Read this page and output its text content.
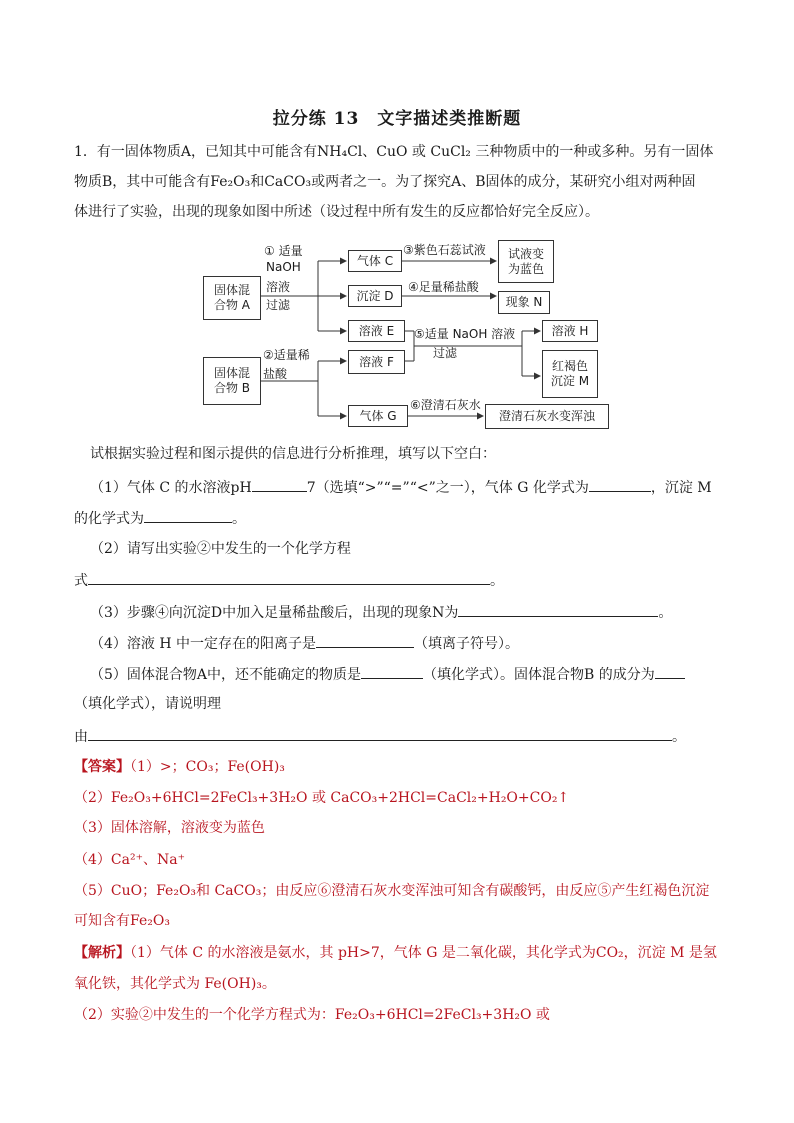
拉分练 13　文字描述类推断题
1．有一固体物质A，已知其中可能含有NH₄Cl、CuO 或 CuCl₂ 三种物质中的一种或多种。另有一固体
物质B，其中可能含有Fe₂O₃和CaCO₃或两者之一。为了探究A、B固体的成分，某研究小组对两种固
体进行了实验，出现的现象如图中所述（设过程中所有发生的反应都恰好完全反应）。
固体混
合物 A
固体混
合物 B
① 适量
NaOH
溶液
过滤
②适量稀
盐酸
气体 C
沉淀 D
溶液 E
溶液 F
气体 G
③紫色石蕊试液
④足量稀盐酸
⑤适量 NaOH 溶液
过滤
⑥澄清石灰水
试液变
为蓝色
现象 N
溶液 H
红褐色
沉淀 M
澄清石灰水变浑浊
试根据实验过程和图示提供的信息进行分析推理，填写以下空白：
（1）气体 C 的水溶液pH	7（选填“>”“=”“<”之一），气体 G 化学式为	，沉淀 M
的化学式为	。
（2）请写出实验②中发生的一个化学方程
式	。
（3）步骤④向沉淀D中加入足量稀盐酸后，出现的现象N为	。
（4）溶液 H 中一定存在的阳离子是	（填离子符号）。
（5）固体混合物A中，还不能确定的物质是	（填化学式）。固体混合物B 的成分为
（填化学式），请说明理
由	。
【答案】（1）>；CO₃；Fe(OH)₃
（2）Fe₂O₃+6HCl=2FeCl₃+3H₂O 或 CaCO₃+2HCl=CaCl₂+H₂O+CO₂↑
（3）固体溶解，溶液变为蓝色
（4）Ca²⁺、Na⁺
（5）CuO；Fe₂O₃和 CaCO₃；由反应⑥澄清石灰水变浑浊可知含有碳酸钙，由反应⑤产生红褐色沉淀
可知含有Fe₂O₃
【解析】（1）气体 C 的水溶液是氨水，其 pH>7，气体 G 是二氧化碳，其化学式为CO₂，沉淀 M 是氢
氧化铁，其化学式为 Fe(OH)₃。
（2）实验②中发生的一个化学方程式为：Fe₂O₃+6HCl=2FeCl₃+3H₂O 或
